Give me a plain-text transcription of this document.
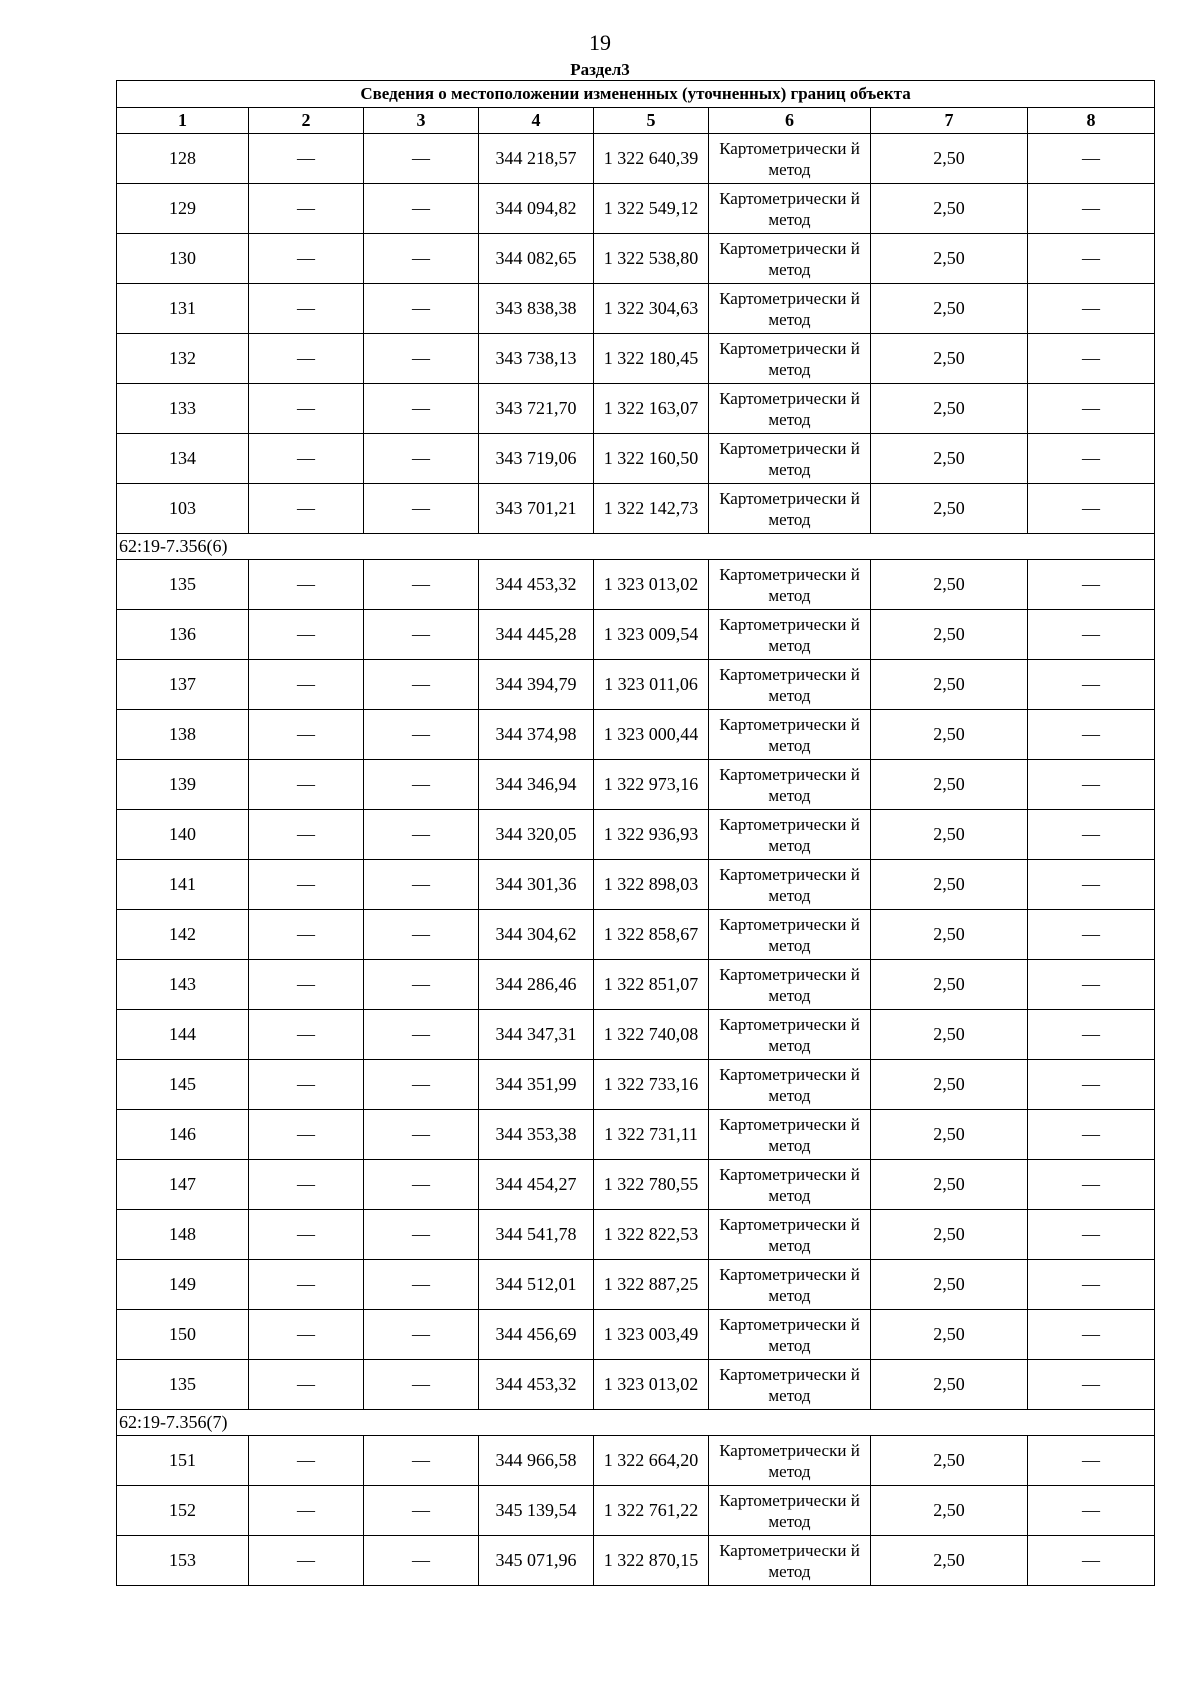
19
Раздел3
Сведения о местоположении измененных (уточненных) границ объекта							
1	2	3	4	5	6	7	8
128	—	—	344 218,57	1 322 640,39	Картометрически й метод	2,50	—
129	—	—	344 094,82	1 322 549,12	Картометрически й метод	2,50	—
130	—	—	344 082,65	1 322 538,80	Картометрически й метод	2,50	—
131	—	—	343 838,38	1 322 304,63	Картометрически й метод	2,50	—
132	—	—	343 738,13	1 322 180,45	Картометрически й метод	2,50	—
133	—	—	343 721,70	1 322 163,07	Картометрически й метод	2,50	—
134	—	—	343 719,06	1 322 160,50	Картометрически й метод	2,50	—
103	—	—	343 701,21	1 322 142,73	Картометрически й метод	2,50	—
62:19-7.356(6)							
135	—	—	344 453,32	1 323 013,02	Картометрически й метод	2,50	—
136	—	—	344 445,28	1 323 009,54	Картометрически й метод	2,50	—
137	—	—	344 394,79	1 323 011,06	Картометрически й метод	2,50	—
138	—	—	344 374,98	1 323 000,44	Картометрически й метод	2,50	—
139	—	—	344 346,94	1 322 973,16	Картометрически й метод	2,50	—
140	—	—	344 320,05	1 322 936,93	Картометрически й метод	2,50	—
141	—	—	344 301,36	1 322 898,03	Картометрически й метод	2,50	—
142	—	—	344 304,62	1 322 858,67	Картометрически й метод	2,50	—
143	—	—	344 286,46	1 322 851,07	Картометрически й метод	2,50	—
144	—	—	344 347,31	1 322 740,08	Картометрически й метод	2,50	—
145	—	—	344 351,99	1 322 733,16	Картометрически й метод	2,50	—
146	—	—	344 353,38	1 322 731,11	Картометрически й метод	2,50	—
147	—	—	344 454,27	1 322 780,55	Картометрически й метод	2,50	—
148	—	—	344 541,78	1 322 822,53	Картометрически й метод	2,50	—
149	—	—	344 512,01	1 322 887,25	Картометрически й метод	2,50	—
150	—	—	344 456,69	1 323 003,49	Картометрически й метод	2,50	—
135	—	—	344 453,32	1 323 013,02	Картометрически й метод	2,50	—
62:19-7.356(7)							
151	—	—	344 966,58	1 322 664,20	Картометрически й метод	2,50	—
152	—	—	345 139,54	1 322 761,22	Картометрически й метод	2,50	—
153	—	—	345 071,96	1 322 870,15	Картометрически й метод	2,50	—
